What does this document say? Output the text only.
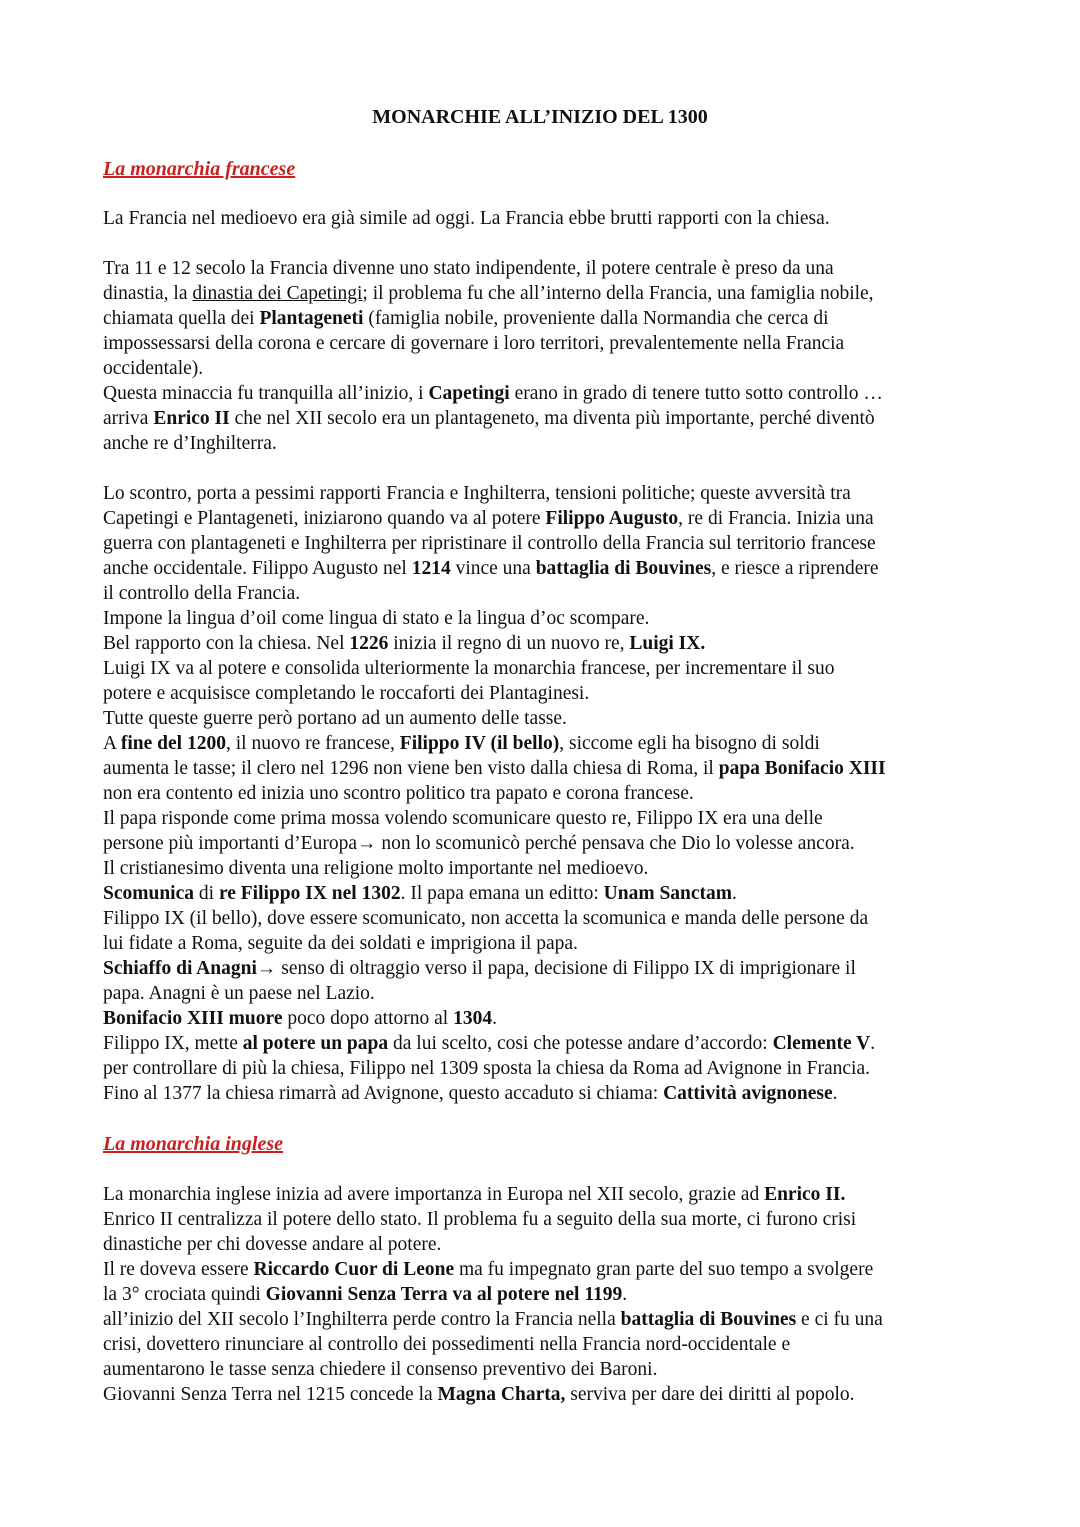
MONARCHIE ALL’INIZIO DEL 1300
La monarchia francese
La Francia nel medioevo era già simile ad oggi. La Francia ebbe brutti rapporti con la chiesa.
Tra 11 e 12 secolo la Francia divenne uno stato indipendente, il potere centrale è preso da una
dinastia, la dinastia dei Capetingi; il problema fu che all’interno della Francia, una famiglia nobile,
chiamata quella dei Plantageneti (famiglia nobile, proveniente dalla Normandia che cerca di
impossessarsi della corona e cercare di governare i loro territori, prevalentemente nella Francia
occidentale).
Questa minaccia fu tranquilla all’inizio, i Capetingi erano in grado di tenere tutto sotto controllo …
arriva Enrico II che nel XII secolo era un plantageneto, ma diventa più importante, perché diventò
anche re d’Inghilterra.
Lo scontro, porta a pessimi rapporti Francia e Inghilterra, tensioni politiche; queste avversità tra
Capetingi e Plantageneti, iniziarono quando va al potere Filippo Augusto, re di Francia. Inizia una
guerra con plantageneti e Inghilterra per ripristinare il controllo della Francia sul territorio francese
anche occidentale. Filippo Augusto nel 1214 vince una battaglia di Bouvines, e riesce a riprendere
il controllo della Francia.
Impone la lingua d’oil come lingua di stato e la lingua d’oc scompare.
Bel rapporto con la chiesa. Nel 1226 inizia il regno di un nuovo re, Luigi IX.
Luigi IX va al potere e consolida ulteriormente la monarchia francese, per incrementare il suo
potere e acquisisce completando le roccaforti dei Plantaginesi.
Tutte queste guerre però portano ad un aumento delle tasse.
A fine del 1200, il nuovo re francese, Filippo IV (il bello), siccome egli ha bisogno di soldi
aumenta le tasse; il clero nel 1296 non viene ben visto dalla chiesa di Roma, il papa Bonifacio XIII
non era contento ed inizia uno scontro politico tra papato e corona francese.
Il papa risponde come prima mossa volendo scomunicare questo re, Filippo IX era una delle
persone più importanti d’Europa→ non lo scomunicò perché pensava che Dio lo volesse ancora.
Il cristianesimo diventa una religione molto importante nel medioevo.
Scomunica di re Filippo IX nel 1302. Il papa emana un editto: Unam Sanctam.
Filippo IX (il bello), dove essere scomunicato, non accetta la scomunica e manda delle persone da
lui fidate a Roma, seguite da dei soldati e imprigiona il papa.
Schiaffo di Anagni→ senso di oltraggio verso il papa, decisione di Filippo IX di imprigionare il
papa. Anagni è un paese nel Lazio.
Bonifacio XIII muore poco dopo attorno al 1304.
Filippo IX, mette al potere un papa da lui scelto, cosi che potesse andare d’accordo: Clemente V.
per controllare di più la chiesa, Filippo nel 1309 sposta la chiesa da Roma ad Avignone in Francia.
Fino al 1377 la chiesa rimarrà ad Avignone, questo accaduto si chiama: Cattività avignonese.
La monarchia inglese
La monarchia inglese inizia ad avere importanza in Europa nel XII secolo, grazie ad Enrico II.
Enrico II centralizza il potere dello stato. Il problema fu a seguito della sua morte, ci furono crisi
dinastiche per chi dovesse andare al potere.
Il re doveva essere Riccardo Cuor di Leone ma fu impegnato gran parte del suo tempo a svolgere
la 3° crociata quindi Giovanni Senza Terra va al potere nel 1199.
all’inizio del XII secolo l’Inghilterra perde contro la Francia nella battaglia di Bouvines e ci fu una
crisi, dovettero rinunciare al controllo dei possedimenti nella Francia nord-occidentale e
aumentarono le tasse senza chiedere il consenso preventivo dei Baroni.
Giovanni Senza Terra nel 1215 concede la Magna Charta, serviva per dare dei diritti al popolo.
